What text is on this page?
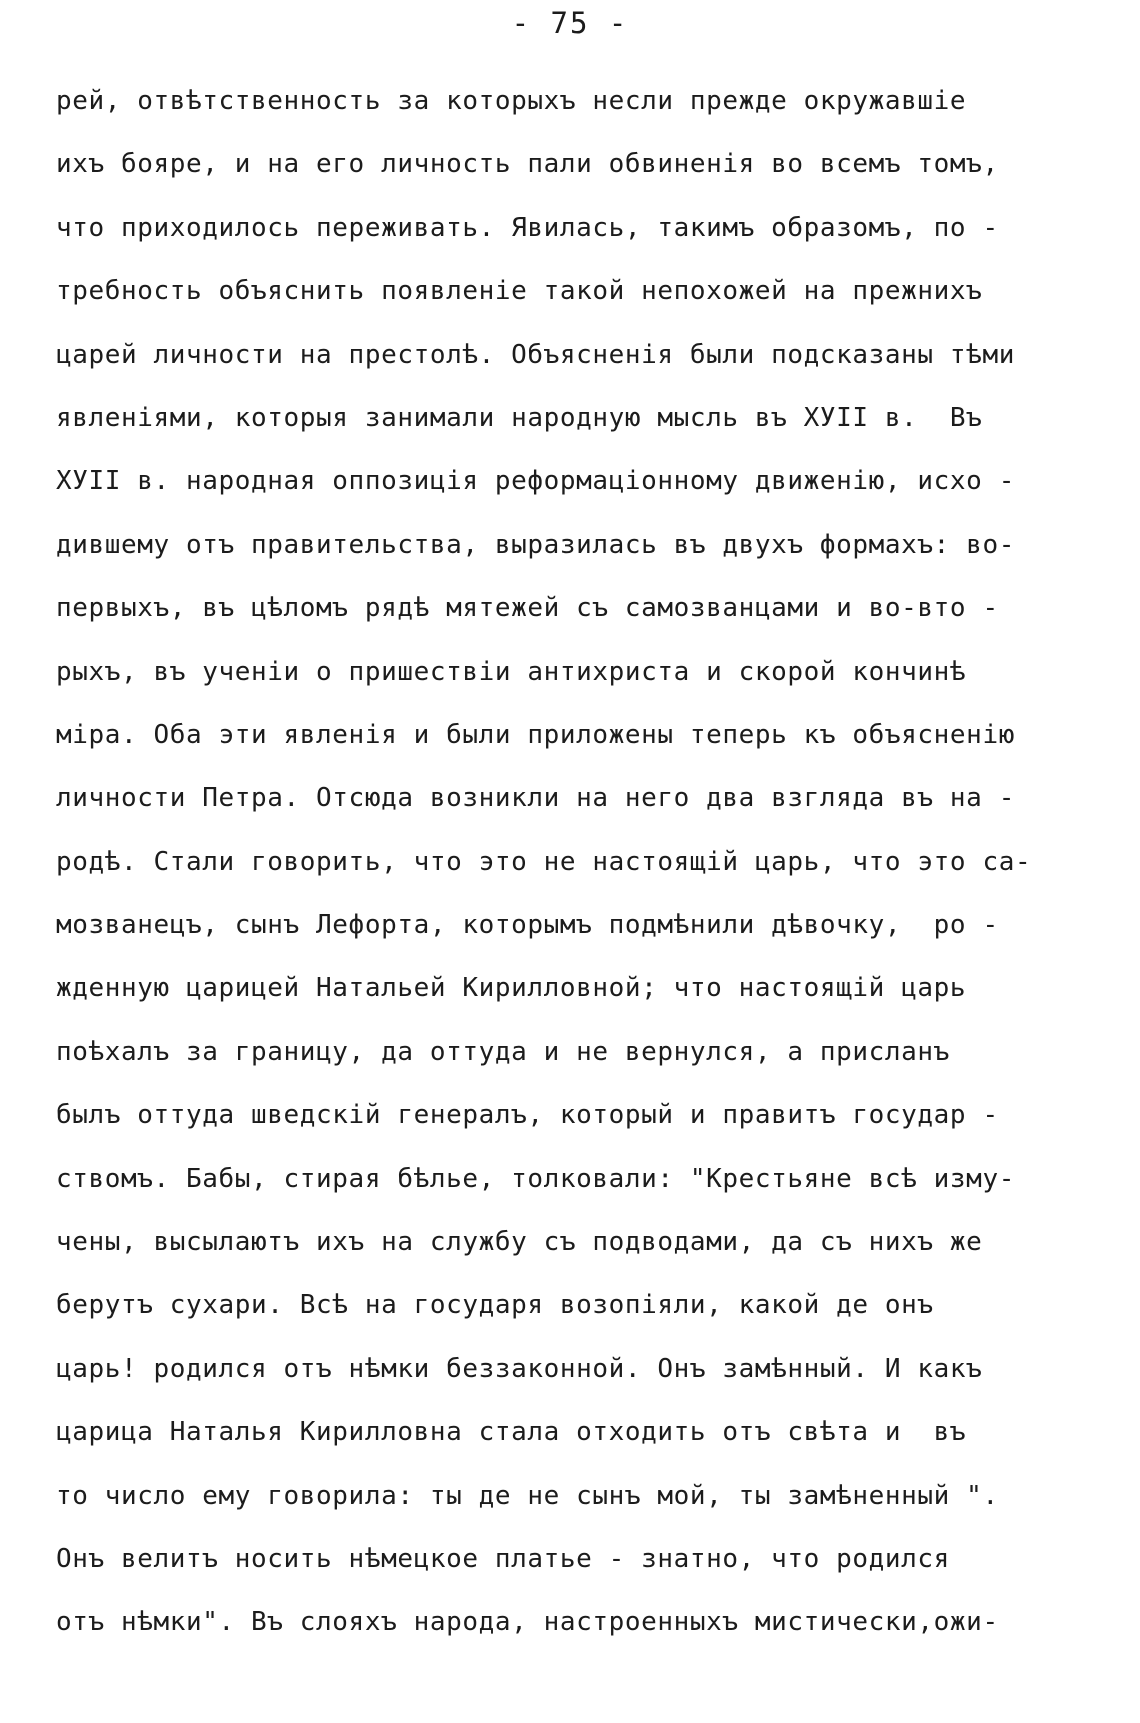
- 75 -
рей, отвѣтственность за которыхъ несли прежде окружавшіе
ихъ бояре, и на его личность пали обвиненія во всемъ томъ,
что приходилось переживать. Явилась, такимъ образомъ, по -
требность объяснить появленіе такой непохожей на прежнихъ
царей личности на престолѣ. Объясненія были подсказаны тѣми
явленіями, которыя занимали народную мысль въ ХУII в.  Въ
ХУII в. народная оппозиція реформаціонному движенію, исхо -
дившему отъ правительства, выразилась въ двухъ формахъ: во-
первыхъ, въ цѣломъ рядѣ мятежей съ самозванцами и во-вто -
рыхъ, въ ученіи о пришествіи антихриста и скорой кончинѣ
міра. Оба эти явленія и были приложены теперь къ объясненію
личности Петра. Отсюда возникли на него два взгляда въ на -
родѣ. Стали говорить, что это не настоящій царь, что это са-
мозванецъ, сынъ Лефорта, которымъ подмѣнили дѣвочку,  ро -
жденную царицей Натальей Кирилловной; что настоящій царь
поѣхалъ за границу, да оттуда и не вернулся, а присланъ
былъ оттуда шведскій генералъ, который и правитъ государ -
ствомъ. Бабы, стирая бѣлье, толковали: "Крестьяне всѣ изму-
чены, высылаютъ ихъ на службу съ подводами, да съ нихъ же
берутъ сухари. Всѣ на государя возопіяли, какой де онъ
царь! родился отъ нѣмки беззаконной. Онъ замѣнный. И какъ
царица Наталья Кирилловна стала отходить отъ свѣта и  въ
то число ему говорила: ты де не сынъ мой, ты замѣненный ".
Онъ велитъ носить нѣмецкое платье - знатно, что родился
отъ нѣмки". Въ слояхъ народа, настроенныхъ мистически,ожи-
